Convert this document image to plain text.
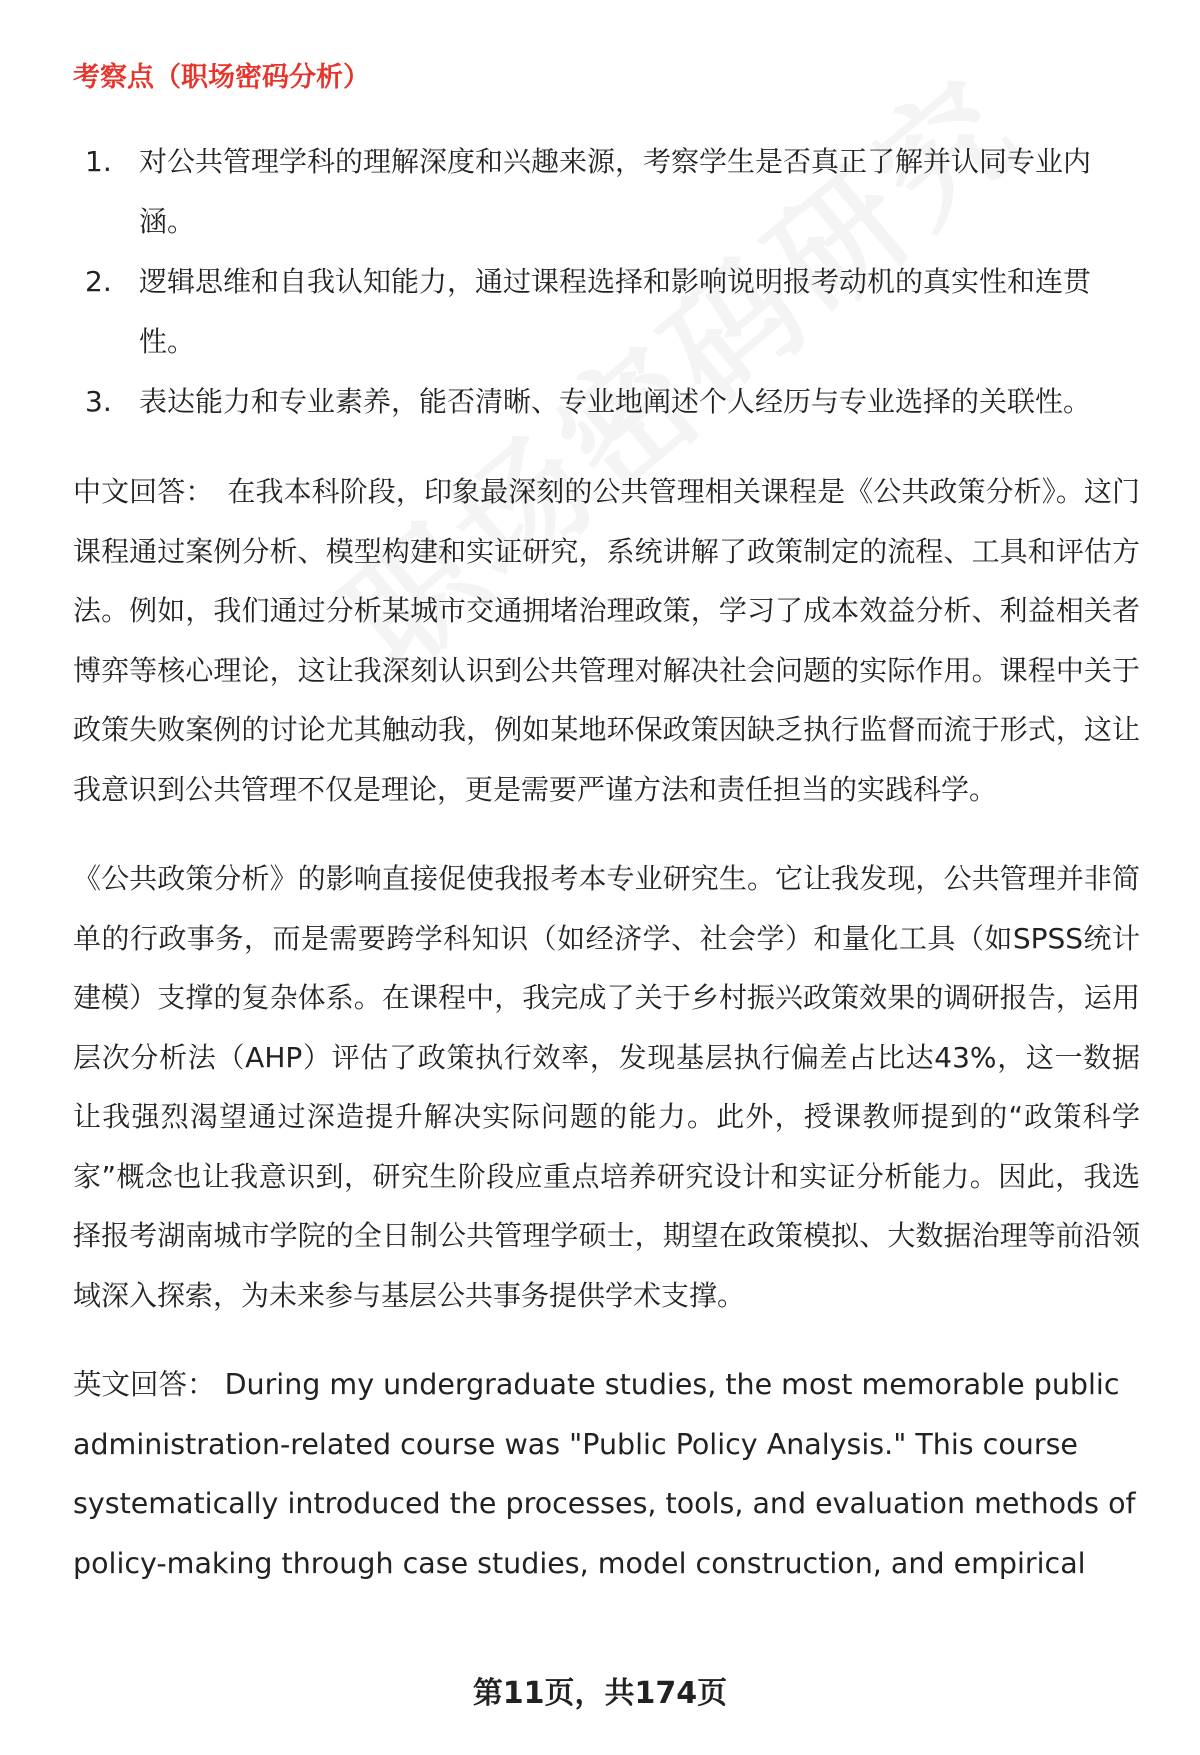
考察点（职场密码分析）
1. 对公共管理学科的理解深度和兴趣来源，考察学生是否真正了解并认同专业内涵。
2. 逻辑思维和自我认知能力，通过课程选择和影响说明报考动机的真实性和连贯性。
3. 表达能力和专业素养，能否清晰、专业地阐述个人经历与专业选择的关联性。

中文回答： 在我本科阶段，印象最深刻的公共管理相关课程是《公共政策分析》。这门课程通过案例分析、模型构建和实证研究，系统讲解了政策制定的流程、工具和评估方法。例如，我们通过分析某城市交通拥堵治理政策，学习了成本效益分析、利益相关者博弈等核心理论，这让我深刻认识到公共管理对解决社会问题的实际作用。课程中关于政策失败案例的讨论尤其触动我，例如某地环保政策因缺乏执行监督而流于形式，这让我意识到公共管理不仅是理论，更是需要严谨方法和责任担当的实践科学。

《公共政策分析》的影响直接促使我报考本专业研究生。它让我发现，公共管理并非简单的行政事务，而是需要跨学科知识（如经济学、社会学）和量化工具（如SPSS统计建模）支撑的复杂体系。在课程中，我完成了关于乡村振兴政策效果的调研报告，运用层次分析法（AHP）评估了政策执行效率，发现基层执行偏差占比达43%，这一数据让我强烈渴望通过深造提升解决实际问题的能力。此外，授课教师提到的“政策科学家”概念也让我意识到，研究生阶段应重点培养研究设计和实证分析能力。因此，我选择报考湖南城市学院的全日制公共管理学硕士，期望在政策模拟、大数据治理等前沿领域深入探索，为未来参与基层公共事务提供学术支撑。

英文回答： During my undergraduate studies, the most memorable public administration-related course was "Public Policy Analysis." This course systematically introduced the processes, tools, and evaluation methods of policy-making through case studies, model construction, and empirical

第11页，共174页
